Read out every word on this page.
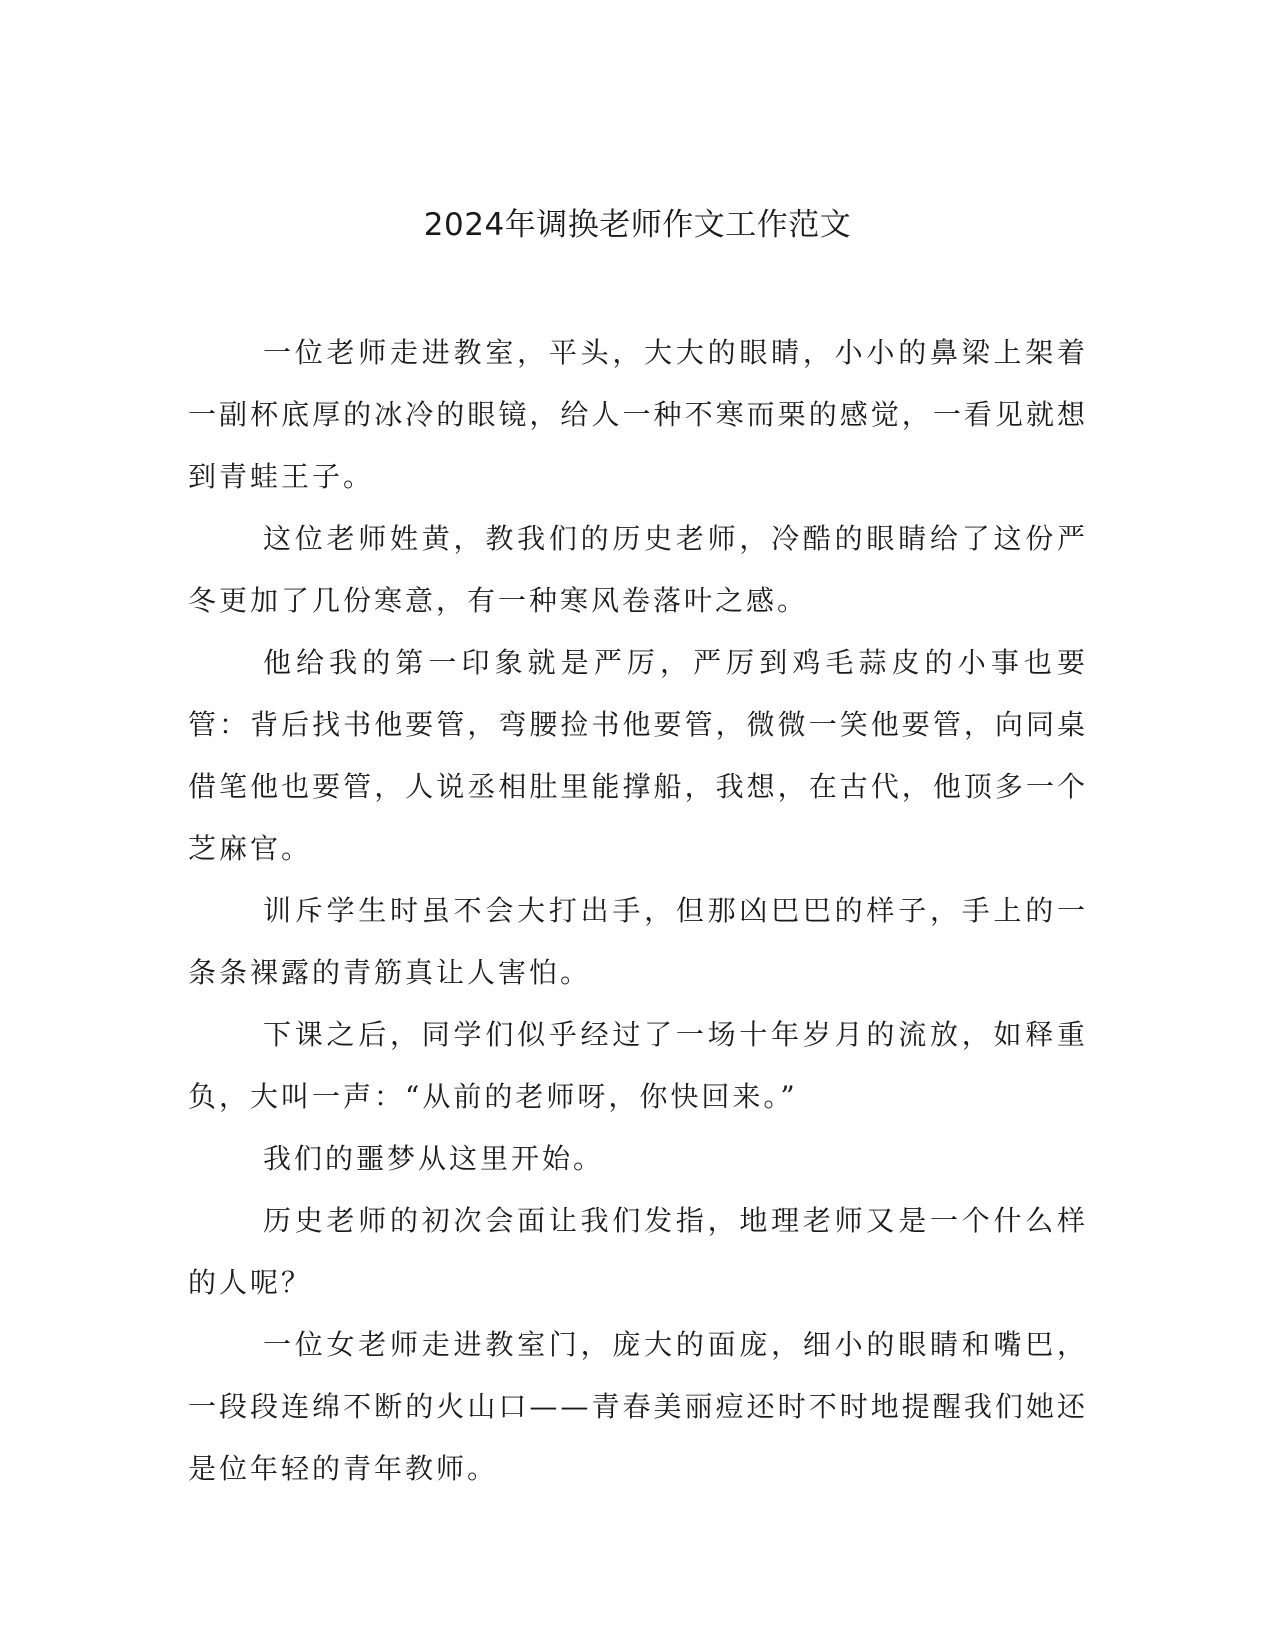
2024年调换老师作文工作范文

一位老师走进教室，平头，大大的眼睛，小小的鼻梁上架着一副杯底厚的冰冷的眼镜，给人一种不寒而栗的感觉，一看见就想到青蛙王子。

这位老师姓黄，教我们的历史老师，冷酷的眼睛给了这份严冬更加了几份寒意，有一种寒风卷落叶之感。

他给我的第一印象就是严厉，严厉到鸡毛蒜皮的小事也要管：背后找书他要管，弯腰捡书他要管，微微一笑他要管，向同桌借笔他也要管，人说丞相肚里能撑船，我想，在古代，他顶多一个芝麻官。

训斥学生时虽不会大打出手，但那凶巴巴的样子，手上的一条条裸露的青筋真让人害怕。

下课之后，同学们似乎经过了一场十年岁月的流放，如释重负，大叫一声：“从前的老师呀，你快回来。”

我们的噩梦从这里开始。

历史老师的初次会面让我们发指，地理老师又是一个什么样的人呢？

一位女老师走进教室门，庞大的面庞，细小的眼睛和嘴巴，一段段连绵不断的火山口——青春美丽痘还时不时地提醒我们她还是位年轻的青年教师。
